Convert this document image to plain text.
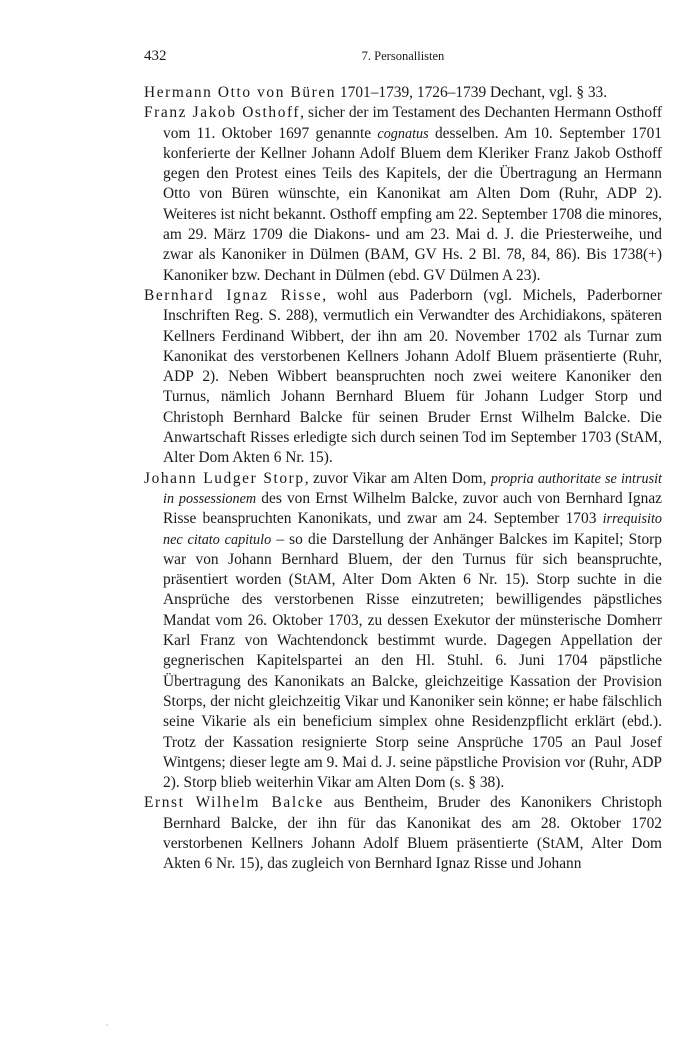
432	7. Personallisten

Hermann Otto von Büren 1701–1739, 1726–1739 Dechant, vgl. § 33.

Franz Jakob Osthoff, sicher der im Testament des Dechanten Hermann Osthoff vom 11. Oktober 1697 genannte cognatus desselben. Am 10. September 1701 konferierte der Kellner Johann Adolf Bluem dem Kleriker Franz Jakob Osthoff gegen den Protest eines Teils des Kapitels, der die Übertragung an Hermann Otto von Büren wünschte, ein Kanonikat am Alten Dom (Ruhr, ADP 2). Weiteres ist nicht bekannt. Osthoff empfing am 22. September 1708 die minores, am 29. März 1709 die Diakons- und am 23. Mai d. J. die Priesterweihe, und zwar als Kanoniker in Dülmen (BAM, GV Hs. 2 Bl. 78, 84, 86). Bis 1738(+) Kanoniker bzw. Dechant in Dülmen (ebd. GV Dülmen A 23).

Bernhard Ignaz Risse, wohl aus Paderborn (vgl. Michels, Paderborner Inschriften Reg. S. 288), vermutlich ein Verwandter des Archidiakons, späteren Kellners Ferdinand Wibbert, der ihn am 20. November 1702 als Turnar zum Kanonikat des verstorbenen Kellners Johann Adolf Bluem präsentierte (Ruhr, ADP 2). Neben Wibbert beanspruchten noch zwei weitere Kanoniker den Turnus, nämlich Johann Bernhard Bluem für Johann Ludger Storp und Christoph Bernhard Balcke für seinen Bruder Ernst Wilhelm Balcke. Die Anwartschaft Risses erledigte sich durch seinen Tod im September 1703 (StAM, Alter Dom Akten 6 Nr. 15).

Johann Ludger Storp, zuvor Vikar am Alten Dom, propria authoritate se intrusit in possessionem des von Ernst Wilhelm Balcke, zuvor auch von Bernhard Ignaz Risse beanspruchten Kanonikats, und zwar am 24. September 1703 irrequisito nec citato capitulo – so die Darstellung der Anhänger Balckes im Kapitel; Storp war von Johann Bernhard Bluem, der den Turnus für sich beanspruchte, präsentiert worden (StAM, Alter Dom Akten 6 Nr. 15). Storp suchte in die Ansprüche des verstorbenen Risse einzutreten; bewilligendes päpstliches Mandat vom 26. Oktober 1703, zu dessen Exekutor der münsterische Domherr Karl Franz von Wachtendonck bestimmt wurde. Dagegen Appellation der gegnerischen Kapitelspartei an den Hl. Stuhl. 6. Juni 1704 päpstliche Übertragung des Kanonikats an Balcke, gleichzeitige Kassation der Provision Storps, der nicht gleichzeitig Vikar und Kanoniker sein könne; er habe fälschlich seine Vikarie als ein beneficium simplex ohne Residenzpflicht erklärt (ebd.). Trotz der Kassation resignierte Storp seine Ansprüche 1705 an Paul Josef Wintgens; dieser legte am 9. Mai d. J. seine päpstliche Provision vor (Ruhr, ADP 2). Storp blieb weiterhin Vikar am Alten Dom (s. § 38).

Ernst Wilhelm Balcke aus Bentheim, Bruder des Kanonikers Christoph Bernhard Balcke, der ihn für das Kanonikat des am 28. Oktober 1702 verstorbenen Kellners Johann Adolf Bluem präsentierte (StAM, Alter Dom Akten 6 Nr. 15), das zugleich von Bernhard Ignaz Risse und Johann
